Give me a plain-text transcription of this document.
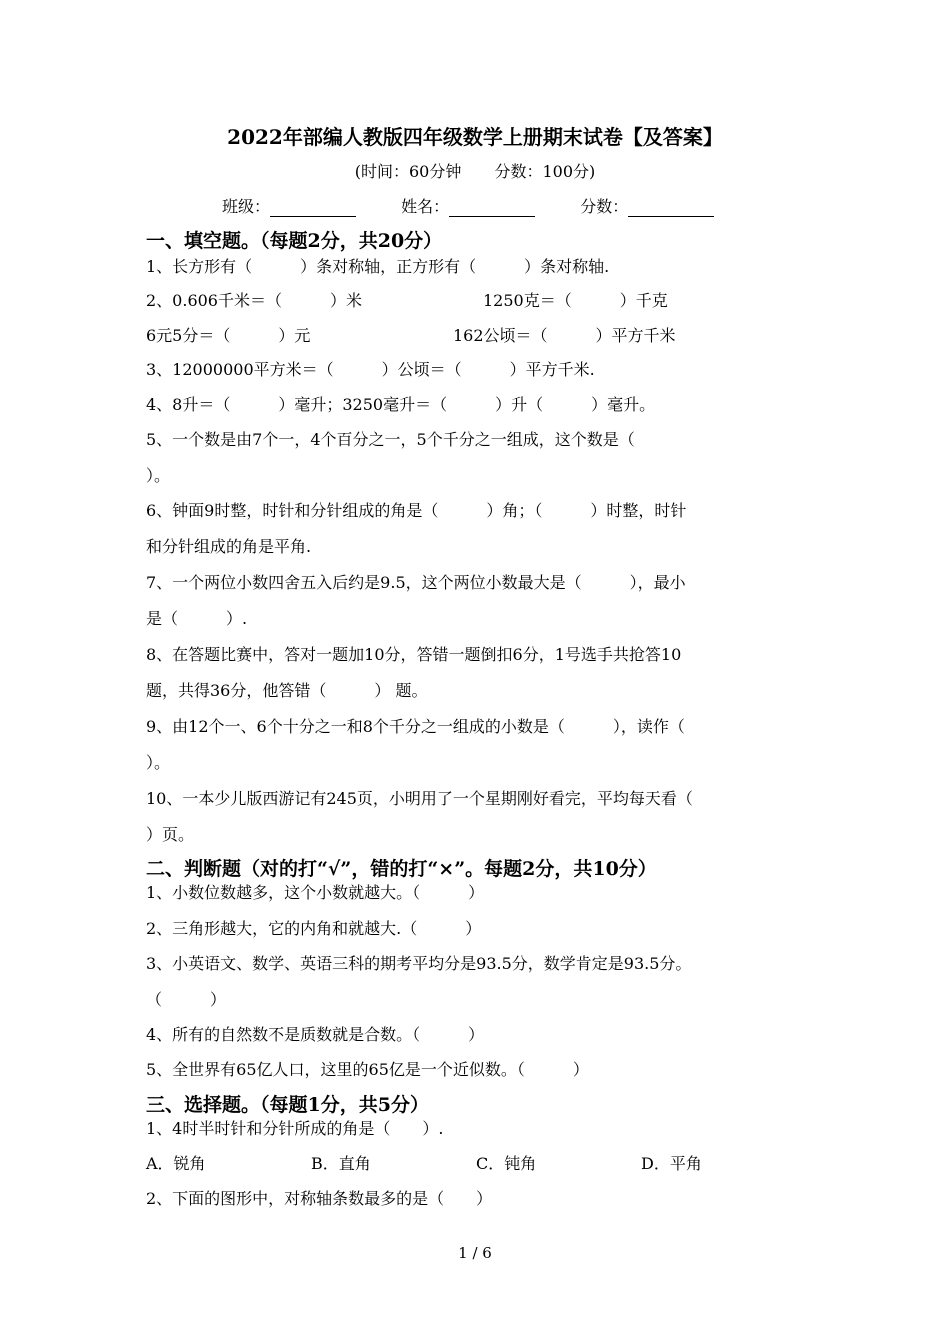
2022年部编人教版四年级数学上册期末试卷【及答案】
(时间：60分钟 分数：100分)
班级：	姓名：	分数：
一、填空题。（每题2分，共20分）
1、长方形有（　　　）条对称轴，正方形有（　　　）条对称轴.
2、0.606千米＝（　　　）米	1250克＝（　　　）千克
6元5分＝（　　　）元	162公顷＝（　　　）平方千米
3、12000000平方米＝（　　　）公顷＝（　　　）平方千米.
4、8升＝（　　　）毫升；3250毫升＝（　　　）升（　　　）毫升。
5、一个数是由7个一，4个百分之一，5个千分之一组成，这个数是（
）。
6、钟面9时整，时针和分针组成的角是（　　　）角；（　　　）时整，时针
和分针组成的角是平角.
7、一个两位小数四舍五入后约是9.5，这个两位小数最大是（　　　），最小
是（　　　）.
8、在答题比赛中，答对一题加10分，答错一题倒扣6分，1号选手共抢答10
题，共得36分，他答错（　　　） 题。
9、由12个一、6个十分之一和8个千分之一组成的小数是（　　　），读作（
）。
10、一本少儿版西游记有245页，小明用了一个星期刚好看完，平均每天看（
）页。
二、判断题（对的打“√”，错的打“×”。每题2分，共10分）
1、小数位数越多，这个小数就越大。（　　　）
2、三角形越大，它的内角和就越大.（　　　）
3、小英语文、数学、英语三科的期考平均分是93.5分，数学肯定是93.5分。
（　　　）
4、所有的自然数不是质数就是合数。（　　　）
5、全世界有65亿人口，这里的65亿是一个近似数。（　　　）
三、选择题。（每题1分，共5分）
1、4时半时针和分针所成的角是（　　）.
A．锐角	B．直角	C．钝角	D．平角
2、下面的图形中，对称轴条数最多的是（　　）
1 / 6
